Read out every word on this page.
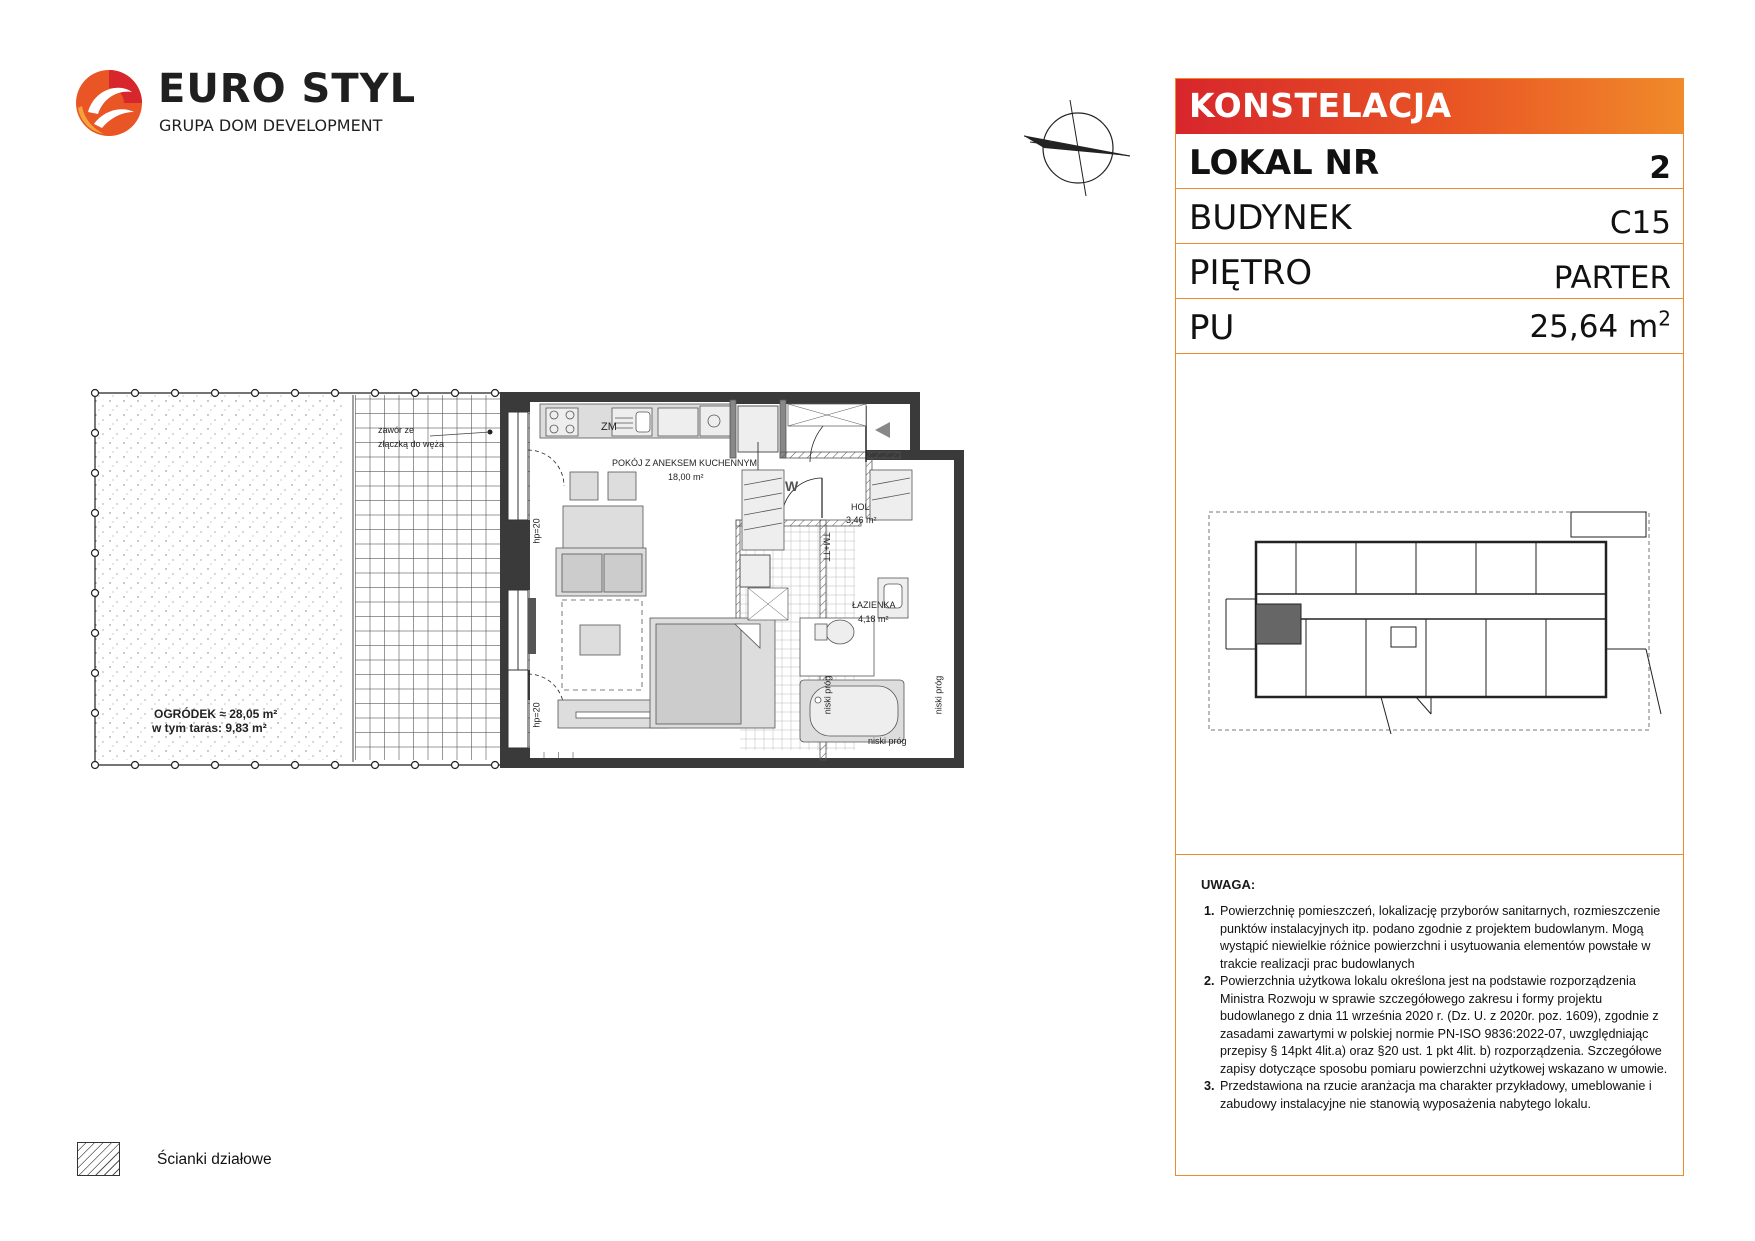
EURO STYL
GRUPA DOM DEVELOPMENT
zawór ze
złączką do węża
OGRÓDEK ≈ 28,05 m²
w tym taras: 9,83 m²
ZM
POKÓJ Z ANEKSEM KUCHENNYM
18,00 m²
W
HOL
3,46 m²
ŁAZIENKA
4,18 m²
niski próg
niski próg	niski próg
hp=20
hp=20
TM+TT
KONSTELACJA
LOKAL NR	2
BUDYNEK	C15
PIĘTRO	PARTER
PU	25,64 $m^2$
UWAGA:
1. Powierzchnię pomieszczeń, lokalizację przyborów sanitarnych, rozmieszczenie punktów instalacyjnych itp. podano zgodnie z projektem budowlanym. Mogą wystąpić niewielkie różnice powierzchni i usytuowania elementów powstałe w trakcie realizacji prac budowlanych
2. Powierzchnia użytkowa lokalu określona jest na podstawie rozporządzenia Ministra Rozwoju w sprawie szczegółowego zakresu i formy projektu budowlanego z dnia 11 września 2020 r. (Dz. U. z 2020r. poz. 1609), zgodnie z zasadami zawartymi w polskiej normie PN-ISO 9836:2022-07, uwzględniając przepisy § 14pkt 4lit.a) oraz §20 ust. 1 pkt 4lit. b) rozporządzenia. Szczegółowe zapisy dotyczące sposobu pomiaru powierzchni użytkowej wskazano w umowie.
3. Przedstawiona na rzucie aranżacja ma charakter przykładowy, umeblowanie i zabudowy instalacyjne nie stanowią wyposażenia nabytego lokalu.
Ścianki działowe
